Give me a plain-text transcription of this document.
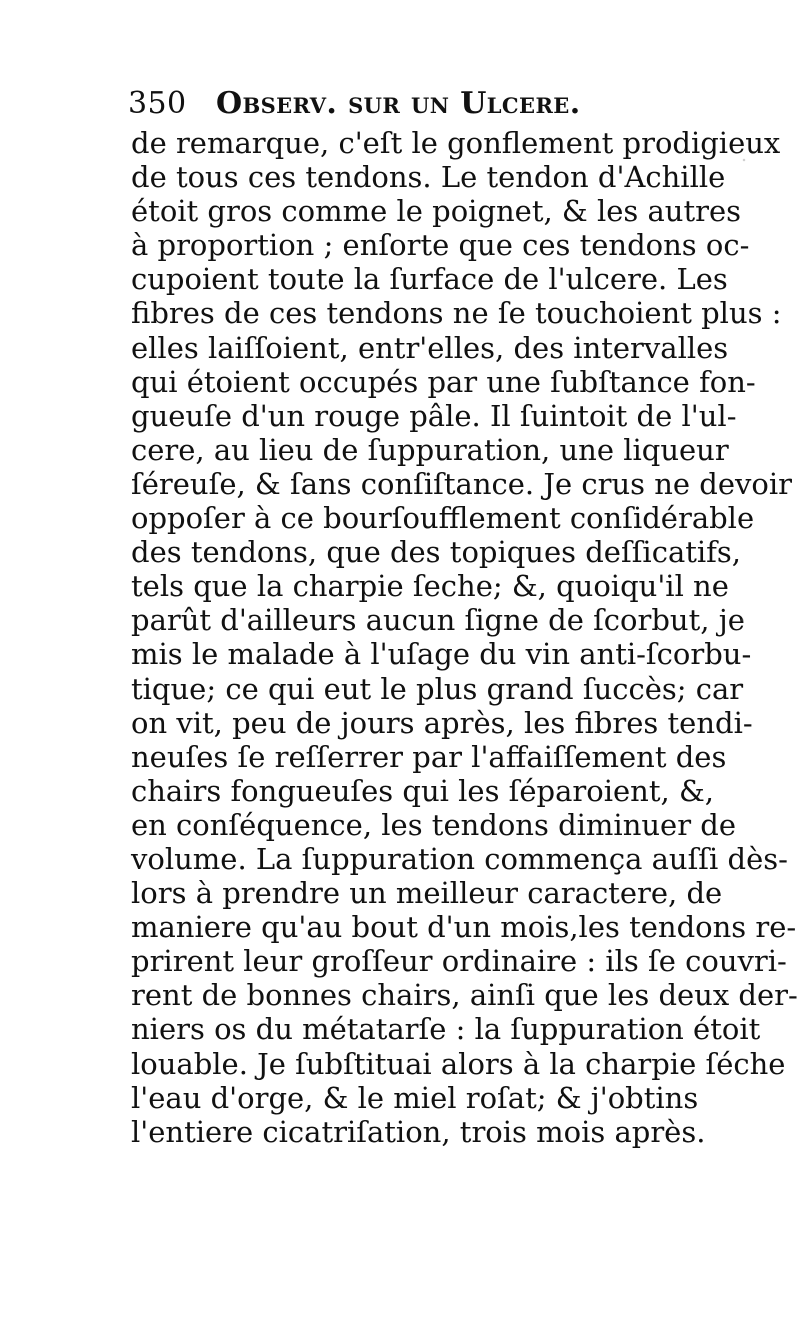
350 Observ. sur un Ulcere.
de remarque, c'eſt le gonflement prodigieux
de tous ces tendons. Le tendon d'Achille
étoit gros comme le poignet, & les autres
à proportion ; enſorte que ces tendons oc-
cupoient toute la ſurface de l'ulcere. Les
fibres de ces tendons ne ſe touchoient plus :
elles laiſſoient, entr'elles, des intervalles
qui étoient occupés par une ſubſtance fon-
gueuſe d'un rouge pâle. Il ſuintoit de l'ul-
cere, au lieu de ſuppuration, une liqueur
ſéreuſe, & ſans conſiſtance. Je crus ne devoir
oppoſer à ce bourſoufflement conſidérable
des tendons, que des topiques deſſicatifs,
tels que la charpie ſeche; &, quoiqu'il ne
parût d'ailleurs aucun ſigne de ſcorbut, je
mis le malade à l'uſage du vin anti-ſcorbu-
tique; ce qui eut le plus grand ſuccès; car
on vit, peu de jours après, les fibres tendi-
neuſes ſe reſſerrer par l'affaiſſement des
chairs fongueuſes qui les ſéparoient, &,
en conſéquence, les tendons diminuer de
volume. La ſuppuration commença auſſi dès-
lors à prendre un meilleur caractere, de
maniere qu'au bout d'un mois,les tendons re-
prirent leur groſſeur ordinaire : ils ſe couvri-
rent de bonnes chairs, ainſi que les deux der-
niers os du métatarſe : la ſuppuration étoit
louable. Je ſubſtituai alors à la charpie ſéche
l'eau d'orge, & le miel roſat; & j'obtins
l'entiere cicatriſation, trois mois après.
